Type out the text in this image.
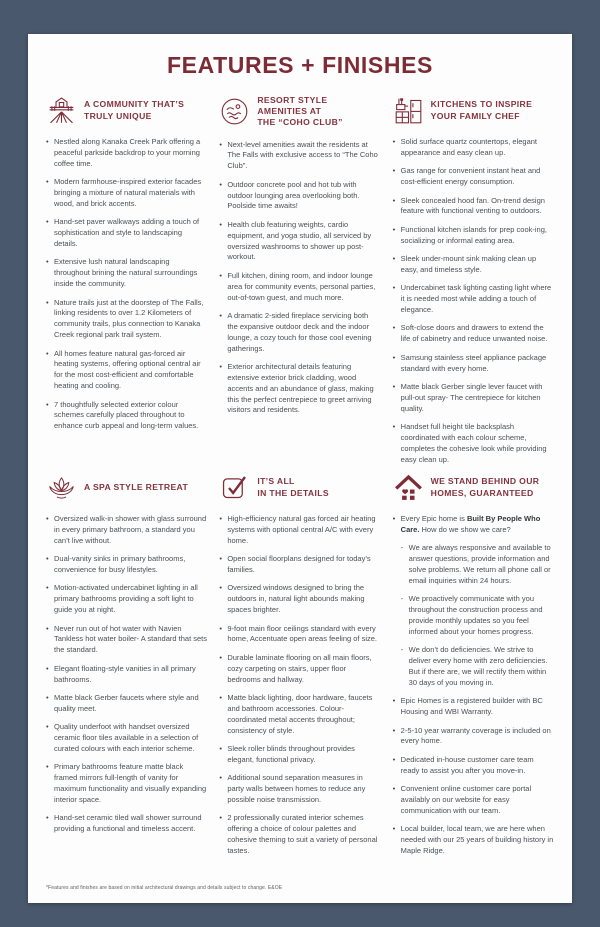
FEATURES + FINISHES
A COMMUNITY THAT’S
TRULY UNIQUE
• Nestled along Kanaka Creek Park offering a peaceful parkside backdrop to your morning coffee time.
• Modern farmhouse-inspired exterior facades bringing a mixture of natural materials with wood, and brick accents.
• Hand-set paver walkways adding a touch of sophistication and style to landscaping details.
• Extensive lush natural landscaping throughout brining the natural surroundings inside the community.
• Nature trails just at the doorstep of The Falls, linking residents to over 1.2 Kilometers of community trails, plus connection to Kanaka Creek regional park trail system.
• All homes feature natural gas-forced air heating systems, offering optional central air for the most cost-efficient and comfortable heating and cooling.
• 7 thoughtfully selected exterior colour schemes carefully placed throughout to enhance curb appeal and long-term values.
RESORT STYLE
AMENITIES AT
THE “COHO CLUB”
• Next-level amenities await the residents at The Falls with exclusive access to “The Coho Club”.
• Outdoor concrete pool and hot tub with outdoor lounging area overlooking both. Poolside time awaits!
• Health club featuring weights, cardio equipment, and yoga studio, all serviced by oversized washrooms to shower up post-workout.
• Full kitchen, dining room, and indoor lounge area for community events, personal parties, out-of-town guest, and much more.
• A dramatic 2-sided fireplace servicing both the expansive outdoor deck and the indoor lounge, a cozy touch for those cool evening gatherings.
• Exterior architectural details featuring extensive exterior brick cladding, wood accents and an abundance of glass, making this the perfect centrepiece to greet arriving visitors and residents.
KITCHENS TO INSPIRE
YOUR FAMILY CHEF
• Solid surface quartz countertops, elegant appearance and easy clean up.
• Gas range for convenient instant heat and cost-efficient energy consumption.
• Sleek concealed hood fan. On-trend design feature with functional venting to outdoors.
• Functional kitchen islands for prep cook-ing, socializing or informal eating area.
• Sleek under-mount sink making clean up easy, and timeless style.
• Undercabinet task lighting casting light where it is needed most while adding a touch of elegance.
• Soft-close doors and drawers to extend the life of cabinetry and reduce unwanted noise.
• Samsung stainless steel appliance package standard with every home.
• Matte black Gerber single lever faucet with pull-out spray- The centrepiece for kitchen quality.
• Handset full height tile backsplash coordinated with each colour scheme, completes the cohesive look while providing easy clean up.
A SPA STYLE RETREAT
• Oversized walk-in shower with glass surround in every primary bathroom, a standard you can’t live without.
• Dual-vanity sinks in primary bathrooms, convenience for busy lifestyles.
• Motion-activated undercabinet lighting in all primary bathrooms providing a soft light to guide you at night.
• Never run out of hot water with Navien Tankless hot water boiler- A standard that sets the standard.
• Elegant floating-style vanities in all primary bathrooms.
• Matte black Gerber faucets where style and quality meet.
• Quality underfoot with handset oversized ceramic floor tiles available in a selection of curated colours with each interior scheme.
• Primary bathrooms feature matte black framed mirrors full-length of vanity for maximum functionality and visually expanding interior space.
• Hand-set ceramic tiled wall shower surround providing a functional and timeless accent.
IT’S ALL
IN THE DETAILS
• High-efficiency natural gas forced air heating systems with optional central A/C with every home.
• Open social floorplans designed for today’s families.
• Oversized windows designed to bring the outdoors in, natural light abounds making spaces brighter.
• 9-foot main floor ceilings standard with every home, Accentuate open areas feeling of size.
• Durable laminate flooring on all main floors, cozy carpeting on stairs, upper floor bedrooms and hallway.
• Matte black lighting, door hardware, faucets and bathroom accessories. Colour-coordinated metal accents throughout; consistency of style.
• Sleek roller blinds throughout provides elegant, functional privacy.
• Additional sound separation measures in party walls between homes to reduce any possible noise transmission.
• 2 professionally curated interior schemes offering a choice of colour palettes and cohesive theming to suit a variety of personal tastes.
WE STAND BEHIND OUR
HOMES, GUARANTEED
• Every Epic home is Built By People Who Care. How do we show we care?
- We are always responsive and available to answer questions, provide information and solve problems. We return all phone call or email inquiries within 24 hours.
- We proactively communicate with you throughout the construction process and provide monthly updates so you feel informed about your homes progress.
- We don’t do deficiencies. We strive to deliver every home with zero deficiencies. But if there are, we will rectify them within 30 days of you moving in.
• Epic Homes is a registered builder with BC Housing and WBI Warranty.
• 2-5-10 year warranty coverage is included on every home.
• Dedicated in-house customer care team ready to assist you after you move-in.
• Convenient online customer care portal availably on our website for easy communication with our team.
• Local builder, local team, we are here when needed with our 25 years of building history in Maple Ridge.
*Features and finishes are based on initial architectural drawings and details subject to change. E&OE
